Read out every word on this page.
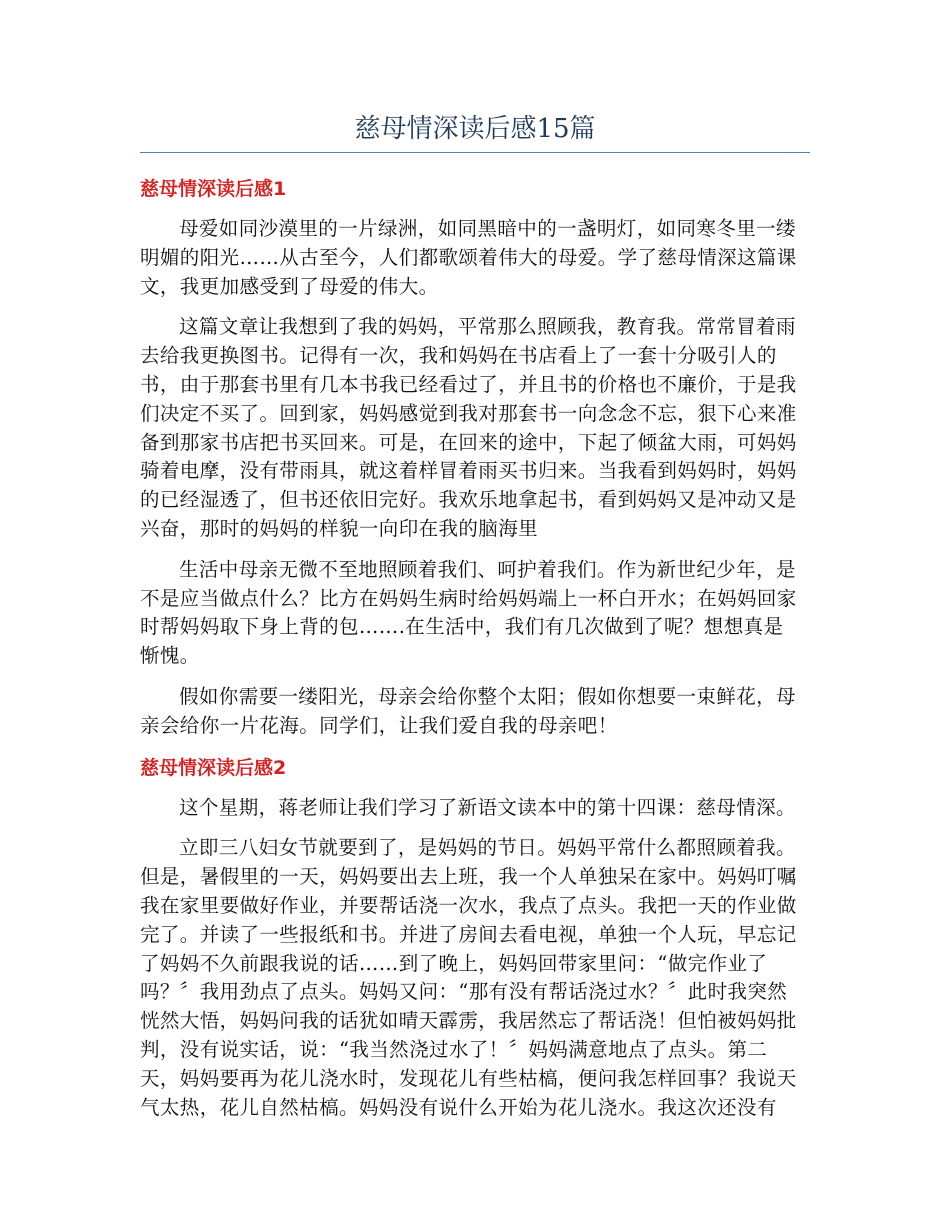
慈母情深读后感15篇
慈母情深读后感1

母爱如同沙漠里的一片绿洲，如同黑暗中的一盏明灯，如同寒冬里一缕明媚的阳光……从古至今，人们都歌颂着伟大的母爱。学了慈母情深这篇课文，我更加感受到了母爱的伟大。

这篇文章让我想到了我的妈妈，平常那么照顾我，教育我。常常冒着雨去给我更换图书。记得有一次，我和妈妈在书店看上了一套十分吸引人的书，由于那套书里有几本书我已经看过了，并且书的价格也不廉价，于是我们决定不买了。回到家，妈妈感觉到我对那套书一向念念不忘，狠下心来准备到那家书店把书买回来。可是，在回来的途中，下起了倾盆大雨，可妈妈骑着电摩，没有带雨具，就这着样冒着雨买书归来。当我看到妈妈时，妈妈的已经湿透了，但书还依旧完好。我欢乐地拿起书，看到妈妈又是冲动又是兴奋，那时的妈妈的样貌一向印在我的脑海里

生活中母亲无微不至地照顾着我们、呵护着我们。作为新世纪少年，是不是应当做点什么？比方在妈妈生病时给妈妈端上一杯白开水；在妈妈回家时帮妈妈取下身上背的包…….在生活中，我们有几次做到了呢？想想真是惭愧。

假如你需要一缕阳光，母亲会给你整个太阳；假如你想要一束鲜花，母亲会给你一片花海。同学们，让我们爱自我的母亲吧！

慈母情深读后感2

这个星期，蒋老师让我们学习了新语文读本中的第十四课：慈母情深。

立即三八妇女节就要到了，是妈妈的节日。妈妈平常什么都照顾着我。但是，暑假里的一天，妈妈要出去上班，我一个人单独呆在家中。妈妈叮嘱我在家里要做好作业，并要帮话浇一次水，我点了点头。我把一天的作业做完了。并读了一些报纸和书。并进了房间去看电视，单独一个人玩，早忘记了妈妈不久前跟我说的话……到了晚上，妈妈回带家里问：“做完作业了吗？〞我用劲点了点头。妈妈又问：“那有没有帮话浇过水？〞此时我突然恍然大悟，妈妈问我的话犹如晴天霹雳，我居然忘了帮话浇！但怕被妈妈批判，没有说实话，说：“我当然浇过水了！〞妈妈满意地点了点头。第二天，妈妈要再为花儿浇水时，发现花儿有些枯槁，便问我怎样回事？我说天气太热，花儿自然枯槁。妈妈没有说什么开始为花儿浇水。我这次还没有
